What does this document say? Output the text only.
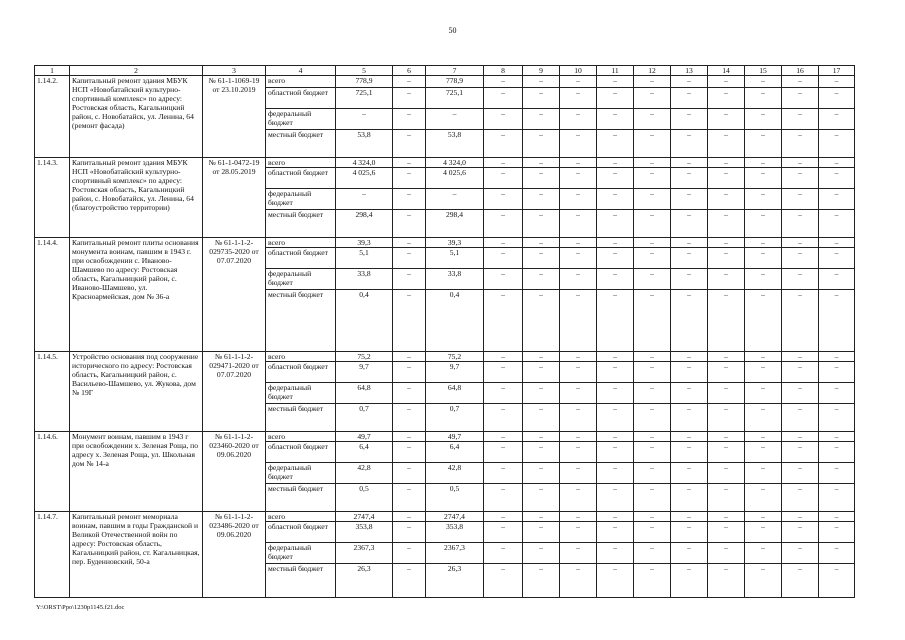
50
1	2	3	4	5	6	7	8	9	10	11	12	13	14	15	16	17
1.14.2.	Капитальный ремонт здания МБУК НСП «Новобатайский культурно-спортивный комплекс» по адресу: Ростовская область, Кагальницкий район, с. Новобатайск, ул. Ленина, 64 (ремонт фасада)	№ 61-1-1069-19 от 23.10.2019	всего	778,9	–	778,9	–	–	–	–	–	–	–	–	–	–
			областной бюджет	725,1	–	725,1	–	–	–	–	–	–	–	–	–	–
			федеральный бюджет	–	–	–	–	–	–	–	–	–	–	–	–	–
			местный бюджет	53,8	–	53,8	–	–	–	–	–	–	–	–	–	–
1.14.3.	Капитальный ремонт здания МБУК НСП «Новобатайский культурно-спортивный комплекс» по адресу: Ростовская область, Кагальницкий район, с. Новобатайск, ул. Ленина, 64 (благоустройство территории)	№ 61-1-0472-19 от 28.05.2019	всего	4 324,0	–	4 324,0	–	–	–	–	–	–	–	–	–	–
			областной бюджет	4 025,6	–	4 025,6	–	–	–	–	–	–	–	–	–	–
			федеральный бюджет	–	–	–	–	–	–	–	–	–	–	–	–	–
			местный бюджет	298,4	–	298,4	–	–	–	–	–	–	–	–	–	–
1.14.4.	Капитальный ремонт плиты основания монумента воинам, павшим в 1943 г. при освобождении с. Иваново-Шамшево по адресу: Ростовская область, Кагальницкий район, с. Иваново-Шамшево, ул. Красноармейская, дом № 36-а	№ 61-1-1-2-029735-2020 от 07.07.2020	всего	39,3	–	39,3	–	–	–	–	–	–	–	–	–	–
			областной бюджет	5,1	–	5,1	–	–	–	–	–	–	–	–	–	–
			федеральный бюджет	33,8	–	33,8	–	–	–	–	–	–	–	–	–	–
			местный бюджет	0,4	–	0,4	–	–	–	–	–	–	–	–	–	–
1.14.5.	Устройство основания под сооружение исторического по адресу: Ростовская область, Кагальницкий район, с. Васильево-Шамшево, ул. Жукова, дом № 19Г	№ 61-1-1-2-029471-2020 от 07.07.2020	всего	75,2	–	75,2	–	–	–	–	–	–	–	–	–	–
			областной бюджет	9,7	–	9,7	–	–	–	–	–	–	–	–	–	–
			федеральный бюджет	64,8	–	64,8	–	–	–	–	–	–	–	–	–	–
			местный бюджет	0,7	–	0,7	–	–	–	–	–	–	–	–	–	–
1.14.6.	Монумент воинам, павшим в 1943 г при освобождении х. Зеленая Роща, по адресу х. Зеленая Роща, ул. Школьная дом № 14-а	№ 61-1-1-2-023460-2020 от 09.06.2020	всего	49,7	–	49,7	–	–	–	–	–	–	–	–	–	–
			областной бюджет	6,4	–	6,4	–	–	–	–	–	–	–	–	–	–
			федеральный бюджет	42,8	–	42,8	–	–	–	–	–	–	–	–	–	–
			местный бюджет	0,5	–	0,5	–	–	–	–	–	–	–	–	–	–
1.14.7.	Капитальный ремонт мемориала воинам, павшим в годы Гражданской и Великой Отечественной войн по адресу: Ростовская область, Кагальницкий район, ст. Кагальницкая, пер. Буденновский, 50-а	№ 61-1-1-2-023486-2020 от 09.06.2020	всего	2747,4	–	2747,4	–	–	–	–	–	–	–	–	–	–
			областной бюджет	353,8	–	353,8	–	–	–	–	–	–	–	–	–	–
			федеральный бюджет	2367,3	–	2367,3	–	–	–	–	–	–	–	–	–	–
			местный бюджет	26,3	–	26,3	–	–	–	–	–	–	–	–	–	–
Y:\ORST\Ppo\1230p1145.f21.doc
